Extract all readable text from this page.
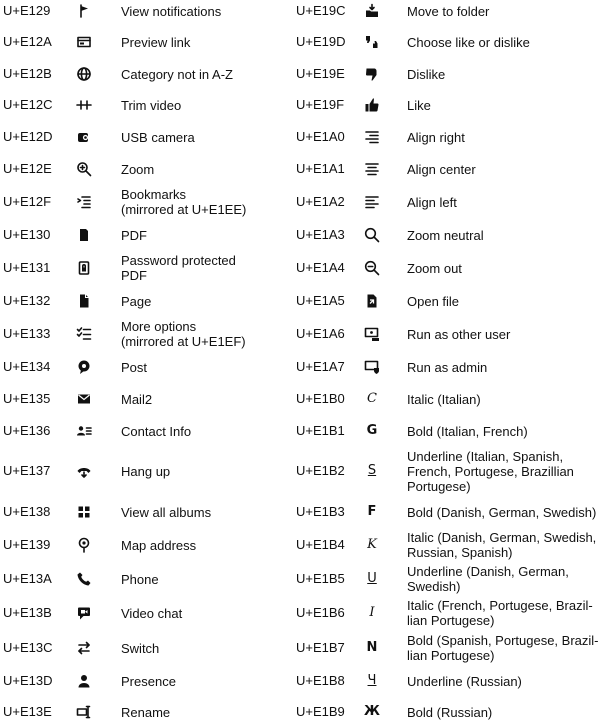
U+E129	View notifications
U+E12A	Preview link
U+E12B	Category not in A-Z
U+E12C	Trim video
U+E12D	USB camera
U+E12E	Zoom
U+E12F	Bookmarks
(mirrored at U+E1EE)
U+E130	PDF
U+E131	Password protected
PDF
U+E132	Page
U+E133	More options
(mirrored at U+E1EF)
U+E134	Post
U+E135	Mail2
U+E136	Contact Info
U+E137	Hang up
U+E138	View all albums
U+E139	Map address
U+E13A	Phone
U+E13B	Video chat
U+E13C	Switch
U+E13D	Presence
U+E13E	Rename
U+E19C	Move to folder
U+E19D	Choose like or dislike
U+E19E	Dislike
U+E19F	Like
U+E1A0	Align right
U+E1A1	Align center
U+E1A2	Align left
U+E1A3	Zoom neutral
U+E1A4	Zoom out
U+E1A5	Open file
U+E1A6	Run as other user
U+E1A7	Run as admin
U+E1B0 C Italic (Italian)
U+E1B1 G Bold (Italian, French)
U+E1B2 S
Underline (Italian, Spanish, French, Portugese, Brazillian Portugese)
U+E1B3 F Bold (Danish, German, Swedish)
U+E1B4 K Italic (Danish, German, Swedish, Russian, Spanish)
U+E1B5 U Underline (Danish, German,
Swedish)
U+E1B6 I Italic (French, Portugese, Brazil-
lian Portugese)
U+E1B7 N Bold (Spanish, Portugese, Brazil-
lian Portugese)
U+E1B8 Ч Underline (Russian)
U+E1B9 Ж Bold (Russian)
